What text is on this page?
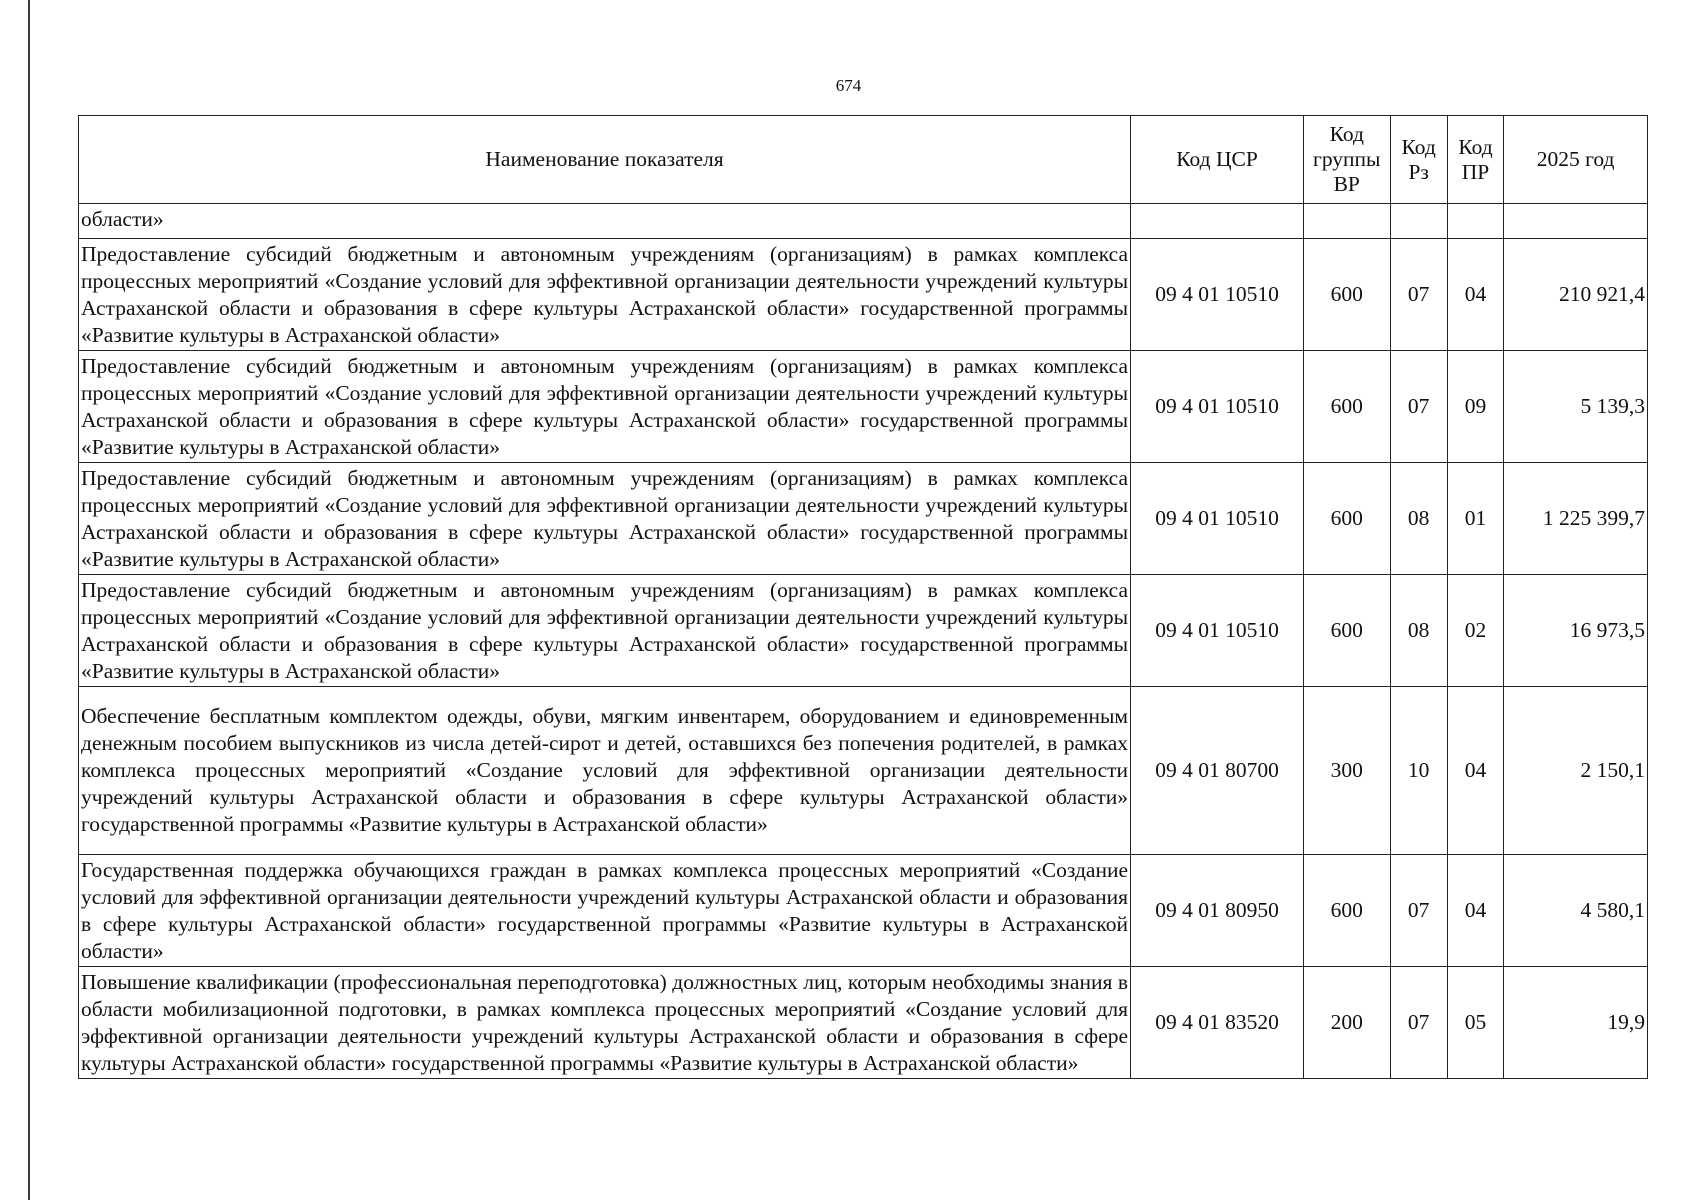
674
Наименование показателя	Код ЦСР	Код группы ВР	Код Рз	Код ПР	2025 год
области»					
Предоставление субсидий бюджетным и автономным учреждениям (организациям) в рамках комплекса процессных мероприятий «Создание условий для эффективной организации деятельности учреждений культуры Астраханской области и образования в сфере культуры Астраханской области» государственной программы «Развитие культуры в Астраханской области»	09 4 01 10510	600	07	04	210 921,4
Предоставление субсидий бюджетным и автономным учреждениям (организациям) в рамках комплекса процессных мероприятий «Создание условий для эффективной организации деятельности учреждений культуры Астраханской области и образования в сфере культуры Астраханской области» государственной программы «Развитие культуры в Астраханской области»	09 4 01 10510	600	07	09	5 139,3
Предоставление субсидий бюджетным и автономным учреждениям (организациям) в рамках комплекса процессных мероприятий «Создание условий для эффективной организации деятельности учреждений культуры Астраханской области и образования в сфере культуры Астраханской области» государственной программы «Развитие культуры в Астраханской области»	09 4 01 10510	600	08	01	1 225 399,7
Предоставление субсидий бюджетным и автономным учреждениям (организациям) в рамках комплекса процессных мероприятий «Создание условий для эффективной организации деятельности учреждений культуры Астраханской области и образования в сфере культуры Астраханской области» государственной программы «Развитие культуры в Астраханской области»	09 4 01 10510	600	08	02	16 973,5
Обеспечение бесплатным комплектом одежды, обуви, мягким инвентарем, оборудованием и единовременным денежным пособием выпускников из числа детей-сирот и детей, оставшихся без попечения родителей, в рамках комплекса процессных мероприятий «Создание условий для эффективной организации деятельности учреждений культуры Астраханской области и образования в сфере культуры Астраханской области» государственной программы «Развитие культуры в Астраханской области»	09 4 01 80700	300	10	04	2 150,1
Государственная поддержка обучающихся граждан в рамках комплекса процессных мероприятий «Создание условий для эффективной организации деятельности учреждений культуры Астраханской области и образования в сфере культуры Астраханской области» государственной программы «Развитие культуры в Астраханской области»	09 4 01 80950	600	07	04	4 580,1
Повышение квалификации (профессиональная переподготовка) должностных лиц, которым необходимы знания в области мобилизационной подготовки, в рамках комплекса процессных мероприятий «Создание условий для эффективной организации деятельности учреждений культуры Астраханской области и образования в сфере культуры Астраханской области» государственной программы «Развитие культуры в Астраханской области»	09 4 01 83520	200	07	05	19,9
